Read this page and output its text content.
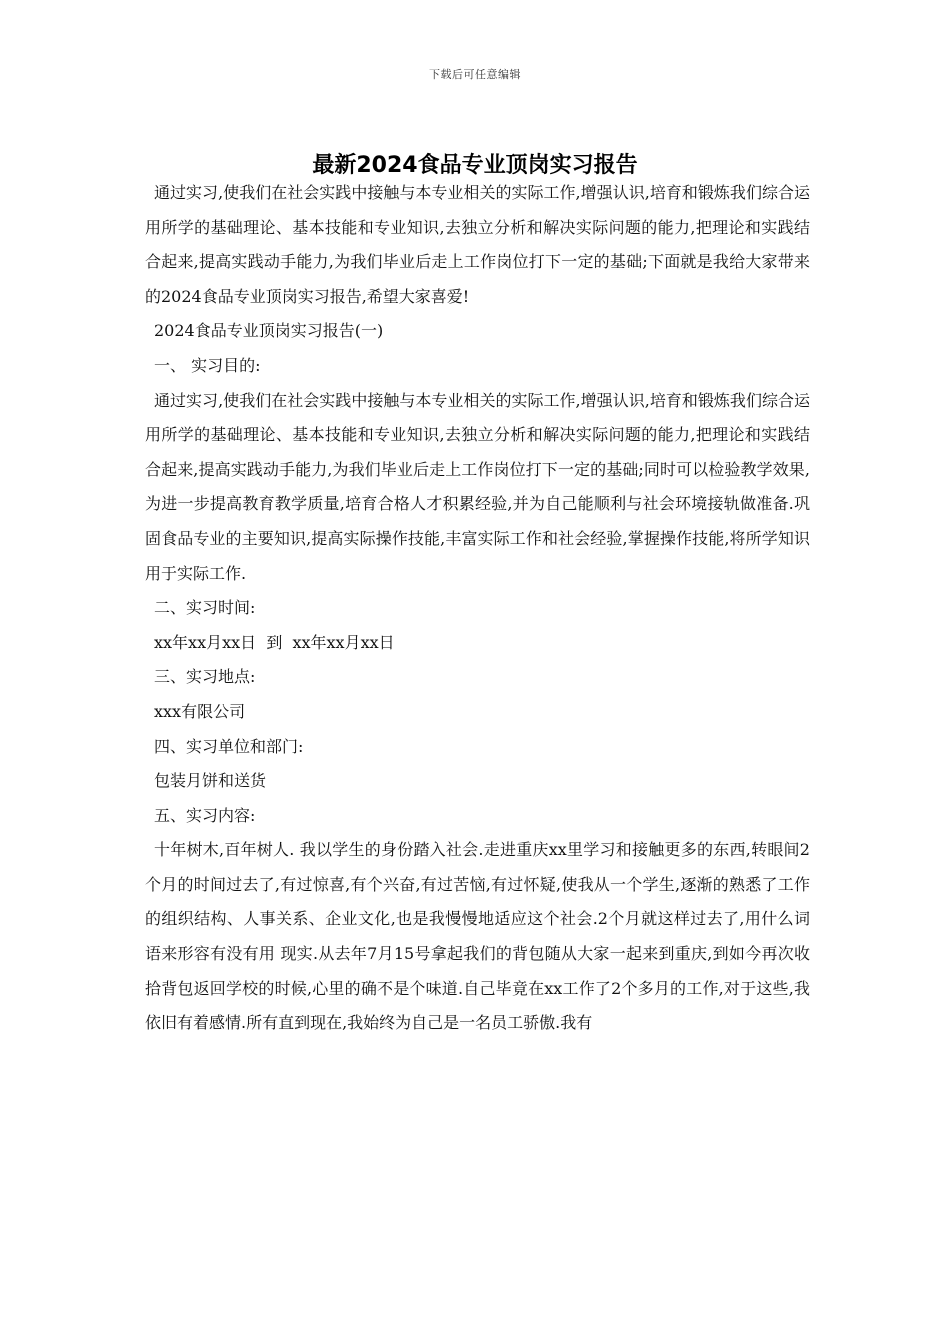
下载后可任意编辑
最新2024食品专业顶岗实习报告

通过实习,使我们在社会实践中接触与本专业相关的实际工作,增强认识,培育和锻炼我们综合运用所学的基础理论、基本技能和专业知识,去独立分析和解决实际问题的能力,把理论和实践结合起来,提高实践动手能力,为我们毕业后走上工作岗位打下一定的基础;下面就是我给大家带来的2024食品专业顶岗实习报告,希望大家喜爱!

2024食品专业顶岗实习报告(一)

一、 实习目的:

通过实习,使我们在社会实践中接触与本专业相关的实际工作,增强认识,培育和锻炼我们综合运用所学的基础理论、基本技能和专业知识,去独立分析和解决实际问题的能力,把理论和实践结合起来,提高实践动手能力,为我们毕业后走上工作岗位打下一定的基础;同时可以检验教学效果,为进一步提高教育教学质量,培育合格人才积累经验,并为自己能顺利与社会环境接轨做准备.巩固食品专业的主要知识,提高实际操作技能,丰富实际工作和社会经验,掌握操作技能,将所学知识用于实际工作.

二、实习时间:

xx年xx月xx日  到  xx年xx月xx日

三、实习地点:

xxx有限公司

四、实习单位和部门:

包装月饼和送货

五、实习内容:

十年树木,百年树人. 我以学生的身份踏入社会.走进重庆xx里学习和接触更多的东西,转眼间2个月的时间过去了,有过惊喜,有个兴奋,有过苦恼,有过怀疑,使我从一个学生,逐渐的熟悉了工作的组织结构、人事关系、企业文化,也是我慢慢地适应这个社会.2个月就这样过去了,用什么词语来形容有没有用 现实.从去年7月15号拿起我们的背包随从大家一起来到重庆,到如今再次收拾背包返回学校的时候,心里的确不是个味道.自己毕竟在xx工作了2个多月的工作,对于这些,我依旧有着感情.所有直到现在,我始终为自己是一名员工骄傲.我有
